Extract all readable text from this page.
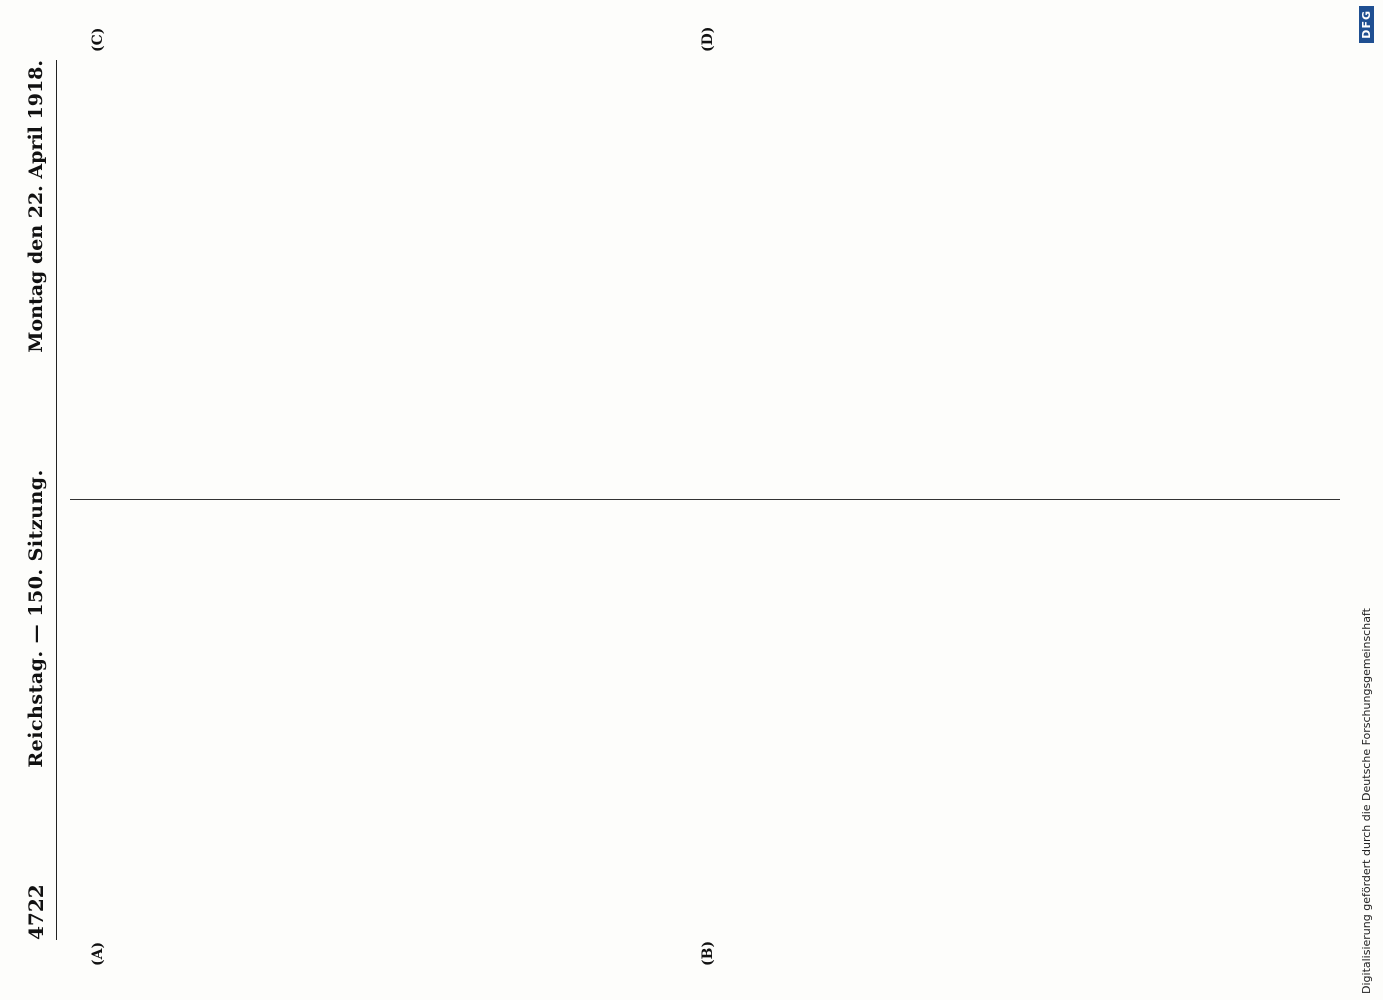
4722
Reichstag. — 150. Sitzung.
Montag den 22. April 1918.
(A)	(B)
(C)	(D)
Digitalisierung gefördert durch die Deutsche Forschungsgemeinschaft
DFG
